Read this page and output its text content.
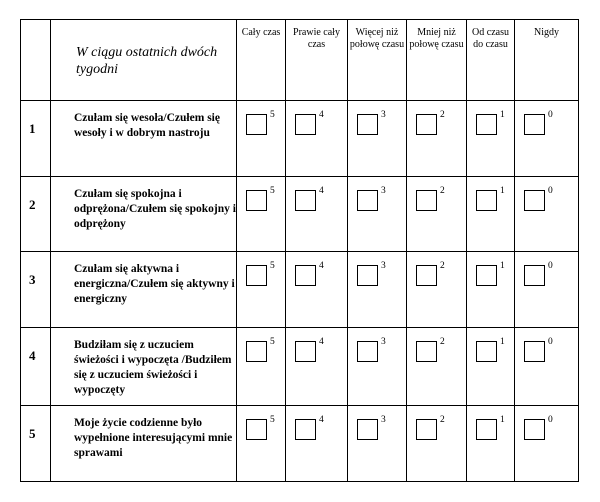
	W ciągu ostatnich dwóch tygodni	Cały czas	Prawie cały czas	Więcej niż połowę czasu	Mniej niż połowę czasu	Od czasu do czasu	Nigdy
1	Czułam się wesoła/Czułem się wesoły i w dobrym nastroju	5	4	3	2	1	0

2	Czułam się spokojna i odprężona/Czułem się spokojny i odprężony	5	4	3	2	1	0

3	Czułam się aktywna i energiczna/Czułem się aktywny i energiczny	5	4	3	2	1	0

4	Budziłam się z uczuciem świeżości i wypoczęta /Budziłem się z uczuciem świeżości i wypoczęty	5	4	3	2	1	0

5	Moje życie codzienne było wypełnione interesującymi mnie sprawami	5	4	3	2	1	0
